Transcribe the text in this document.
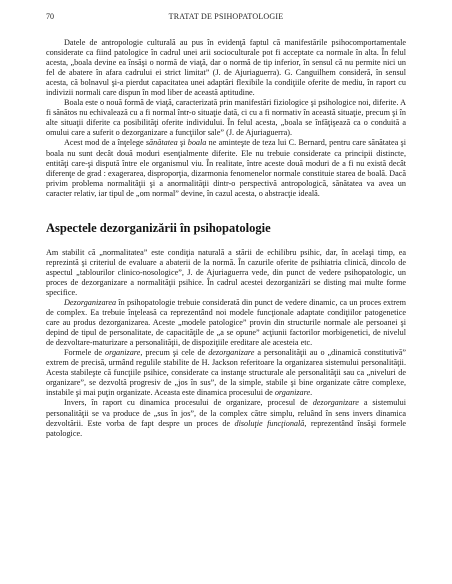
70	TRATAT DE PSIHOPATOLOGIE

Datele de antropologie culturală au pus în evidenţă faptul că manifestările psihocomportamentale considerate ca fiind patologice în cadrul unei arii socioculturale pot fi acceptate ca normale în alta. În felul acesta, „boala devine ea însăşi o normă de viaţă, dar o normă de tip inferior, în sensul că nu permite nici un fel de abatere în afara cadrului ei strict limitat” (J. de Ajuriaguerra). G. Canguilhem consideră, în sensul acesta, că bolnavul şi-a pierdut capacitatea unei adaptări flexibile la condiţiile oferite de mediu, în raport cu indivizii normali care dispun în mod liber de această aptitudine.

Boala este o nouă formă de viaţă, caracterizată prin manifestări fiziologice şi psihologice noi, diferite. A fi sănătos nu echivalează cu a fi normal într-o situaţie dată, ci cu a fi normativ în această situaţie, precum şi în alte situaţii diferite ca posibilităţi oferite individului. În felul acesta, „boala se înfăţişează ca o conduită a omului care a suferit o dezorganizare a funcţiilor sale” (J. de Ajuriaguerra).

Acest mod de a înţelege sănătatea şi boala ne aminteşte de teza lui C. Bernard, pentru care sănătatea şi boala nu sunt decât două moduri esenţialmente diferite. Ele nu trebuie considerate ca principii distincte, entităţi care-şi dispută între ele organismul viu. În realitate, între aceste două moduri de a fi nu există decât diferenţe de grad : exagerarea, disproporţia, dizarmonia fenomenelor normale constituie starea de boală. Dacă privim problema normalităţii şi a anormalităţii dintr-o perspectivă antropologică, sănătatea va avea un caracter relativ, iar tipul de „om normal” devine, în cazul acesta, o abstracţie ideală.

Aspectele dezorganizării în psihopatologie

Am stabilit că „normalitatea” este condiţia naturală a stării de echilibru psihic, dar, în acelaşi timp, ea reprezintă şi criteriul de evaluare a abaterii de la normă. În cazurile oferite de psihiatria clinică, dincolo de aspectul „tablourilor clinico-nosologice”, J. de Ajuriaguerra vede, din punct de vedere psihopatologic, un proces de dezorganizare a normalităţii psihice. În cadrul acestei dezorganizări se disting mai multe forme specifice.

Dezorganizarea în psihopatologie trebuie considerată din punct de vedere dinamic, ca un proces extrem de complex. Ea trebuie înţeleasă ca reprezentând noi modele funcţionale adaptate condiţiilor patogenetice care au produs dezorganizarea. Aceste „modele patologice” provin din structurile normale ale persoanei şi depind de tipul de personalitate, de capacităţile de „a se opune” acţiunii factorilor morbigenetici, de nivelul de dezvoltare-maturizare a personalităţii, de dispoziţiile ereditare ale acesteia etc.

Formele de organizare, precum şi cele de dezorganizare a personalităţii au o „dinamică constitutivă” extrem de precisă, urmând regulile stabilite de H. Jackson referitoare la organizarea sistemului personalităţii. Acesta stabileşte că funcţiile psihice, considerate ca instanţe structurale ale personalităţii sau ca „niveluri de organizare”, se dezvoltă progresiv de „jos în sus”, de la simple, stabile şi bine organizate către complexe, instabile şi mai puţin organizate. Aceasta este dinamica procesului de organizare.

Invers, în raport cu dinamica procesului de organizare, procesul de dezorganizare a sistemului personalităţii se va produce de „sus în jos”, de la complex către simplu, reluând în sens invers dinamica dezvoltării. Este vorba de fapt despre un proces de disoluţie funcţională, reprezentând însăşi formele patologice.
